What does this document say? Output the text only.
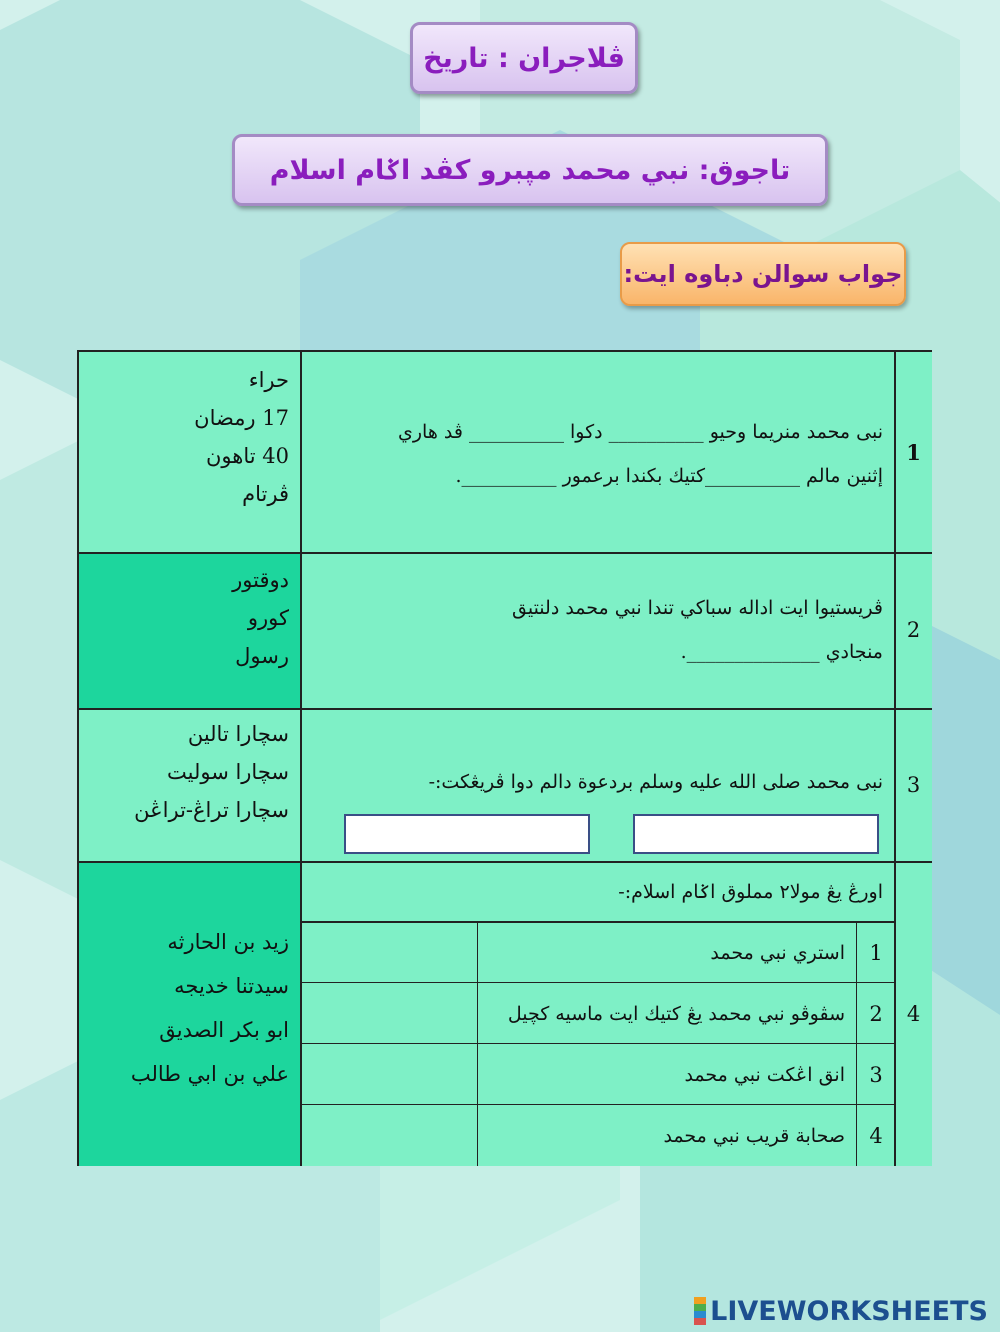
ڤلاجران : تاريخ
تاجوق: نبي محمد مپبرو كڤد اݢام اسلام
جواب سوالن دباوه ايت:
حراء
17 رمضان
40 تاهون
ڤرتام
نبى محمد منريما وحيو __________ دكوا __________ ڤد هاري
إثنين مالم __________كتيك بكندا برعمور __________.
1
دوقتور
کورو
رسول
ڤريستيوا ايت اداله سباکي تندا نبي محمد دلنتيق
منجادي ______________.
2
سچارا تالين
سچارا سوليت
سچارا تراڠ-تراڠن
نبى محمد صلى الله عليه وسلم بردعوة دالم دوا ڤريڠكت:-	3
زيد بن الحارثه
سيدتنا خديجه
ابو بكر الصديق
علي بن ابي طالب
اورڠ يڠ مولا٢ مملوق اݢام اسلام:-
استري نبي محمد
سڤوڤو نبي محمد يڠ كتيك ايت ماسيه كچيل
انق اڠكت نبي محمد
صحابة قريب نبي محمد
1
2
3
4
4
LIVEWORKSHEETS
